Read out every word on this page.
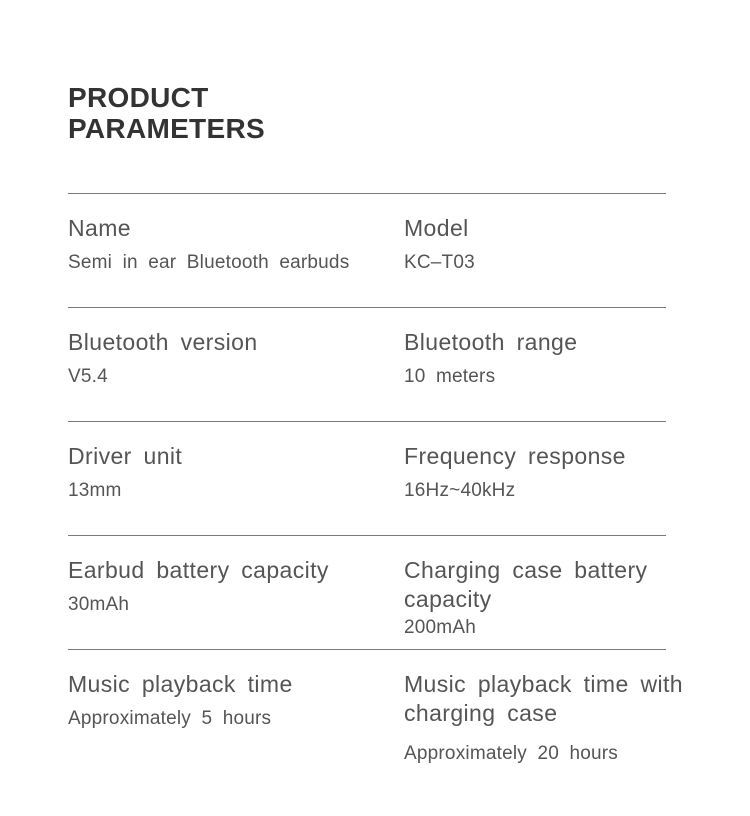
PRODUCT
PARAMETERS
Name
Semi in ear Bluetooth earbuds
Model
KC–T03
Bluetooth version
V5.4
Bluetooth range
10 meters
Driver unit
13mm
Frequency response
16Hz~40kHz
Earbud battery capacity
30mAh
Charging case battery capacity
200mAh
Music playback time
Approximately 5 hours
Music playback time with charging case
Approximately 20 hours
